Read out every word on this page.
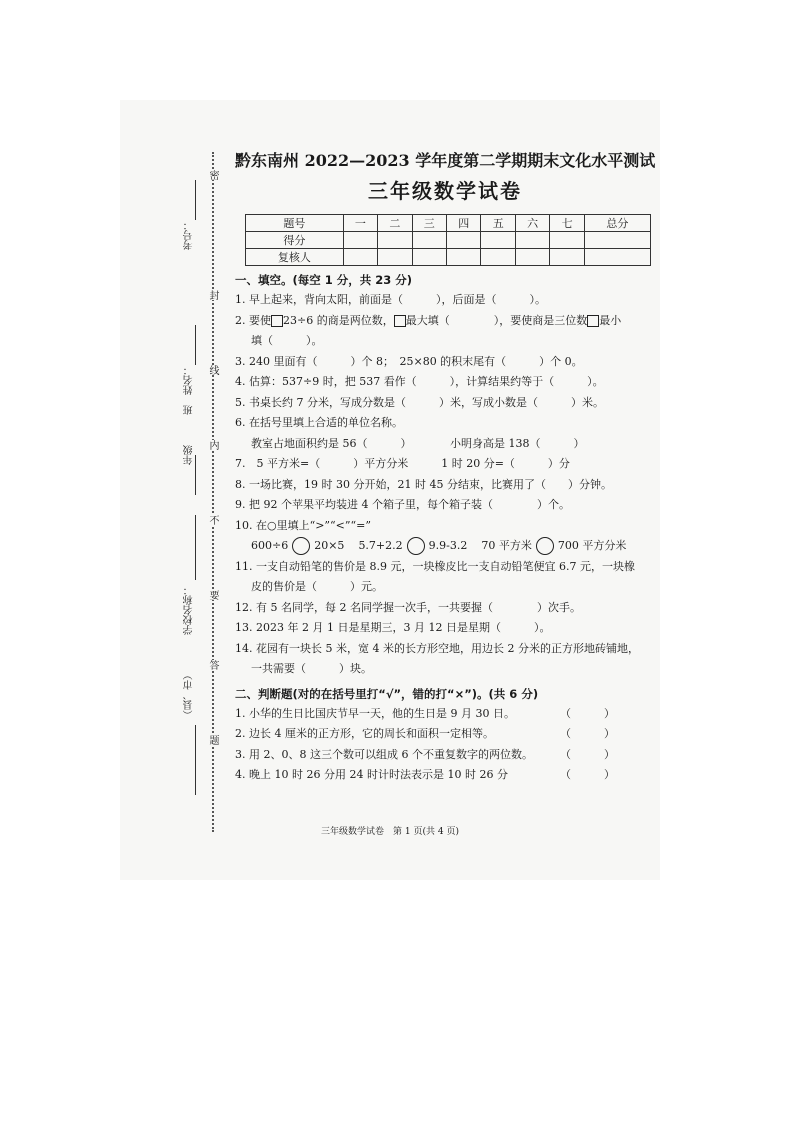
密
封
线
内
不
要
答
题
考号：
姓名：
年级
班
学校名称：
（县、市）
黔东南州 2022—2023 学年度第二学期期末文化水平测试
三年级数学试卷
题号	一	二	三	四	五	六	七	总分
得分								
复核人								
一、填空。(每空 1 分，共 23 分)
1. 早上起来，背向太阳，前面是（　　　），后面是（　　　）。
2. 要使 23÷6 的商是两位数， 最大填（　　　　），要使商是三位数 最小
填（　　　）。
3. 240 里面有（　　　）个 8；　25×80 的积末尾有（　　　）个 0。
4. 估算：537÷9 时，把 537 看作（　　　），计算结果约等于（　　　）。
5. 书桌长约 7 分米，写成分数是（　　　）米，写成小数是（　　　）米。
6. 在括号里填上合适的单位名称。
教室占地面积约是 56（　　　）　　　　小明身高是 138（　　　）
7.　5 平方米=（　　　）平方分米　　　1 时 20 分=（　　　）分
8. 一场比赛，19 时 30 分开始，21 时 45 分结束，比赛用了（　　）分钟。
9. 把 92 个苹果平均装进 4 个箱子里，每个箱子装（　　　　）个。
10. 在○里填上“>”“<”“=”
600÷6 20×5 5.7+2.2 9.9-3.2 70 平方米 700 平方分米
11. 一支自动铅笔的售价是 8.9 元，一块橡皮比一支自动铅笔便宜 6.7 元，一块橡
皮的售价是（　　　）元。
12. 有 5 名同学，每 2 名同学握一次手，一共要握（　　　　）次手。
13. 2023 年 2 月 1 日是星期三，3 月 12 日是星期（　　　）。
14. 花园有一块长 5 米，宽 4 米的长方形空地，用边长 2 分米的正方形地砖铺地，
一共需要（　　　）块。
二、判断题(对的在括号里打“√”，错的打“×”)。(共 6 分)
1. 小华的生日比国庆节早一天，他的生日是 9 月 30 日。	（　　　）
2. 边长 4 厘米的正方形，它的周长和面积一定相等。	（　　　）
3. 用 2、0、8 这三个数可以组成 6 个不重复数字的两位数。 （　　　）
4. 晚上 10 时 26 分用 24 时计时法表示是 10 时 26 分	（　　　）
三年级数学试卷　第 1 页(共 4 页)
